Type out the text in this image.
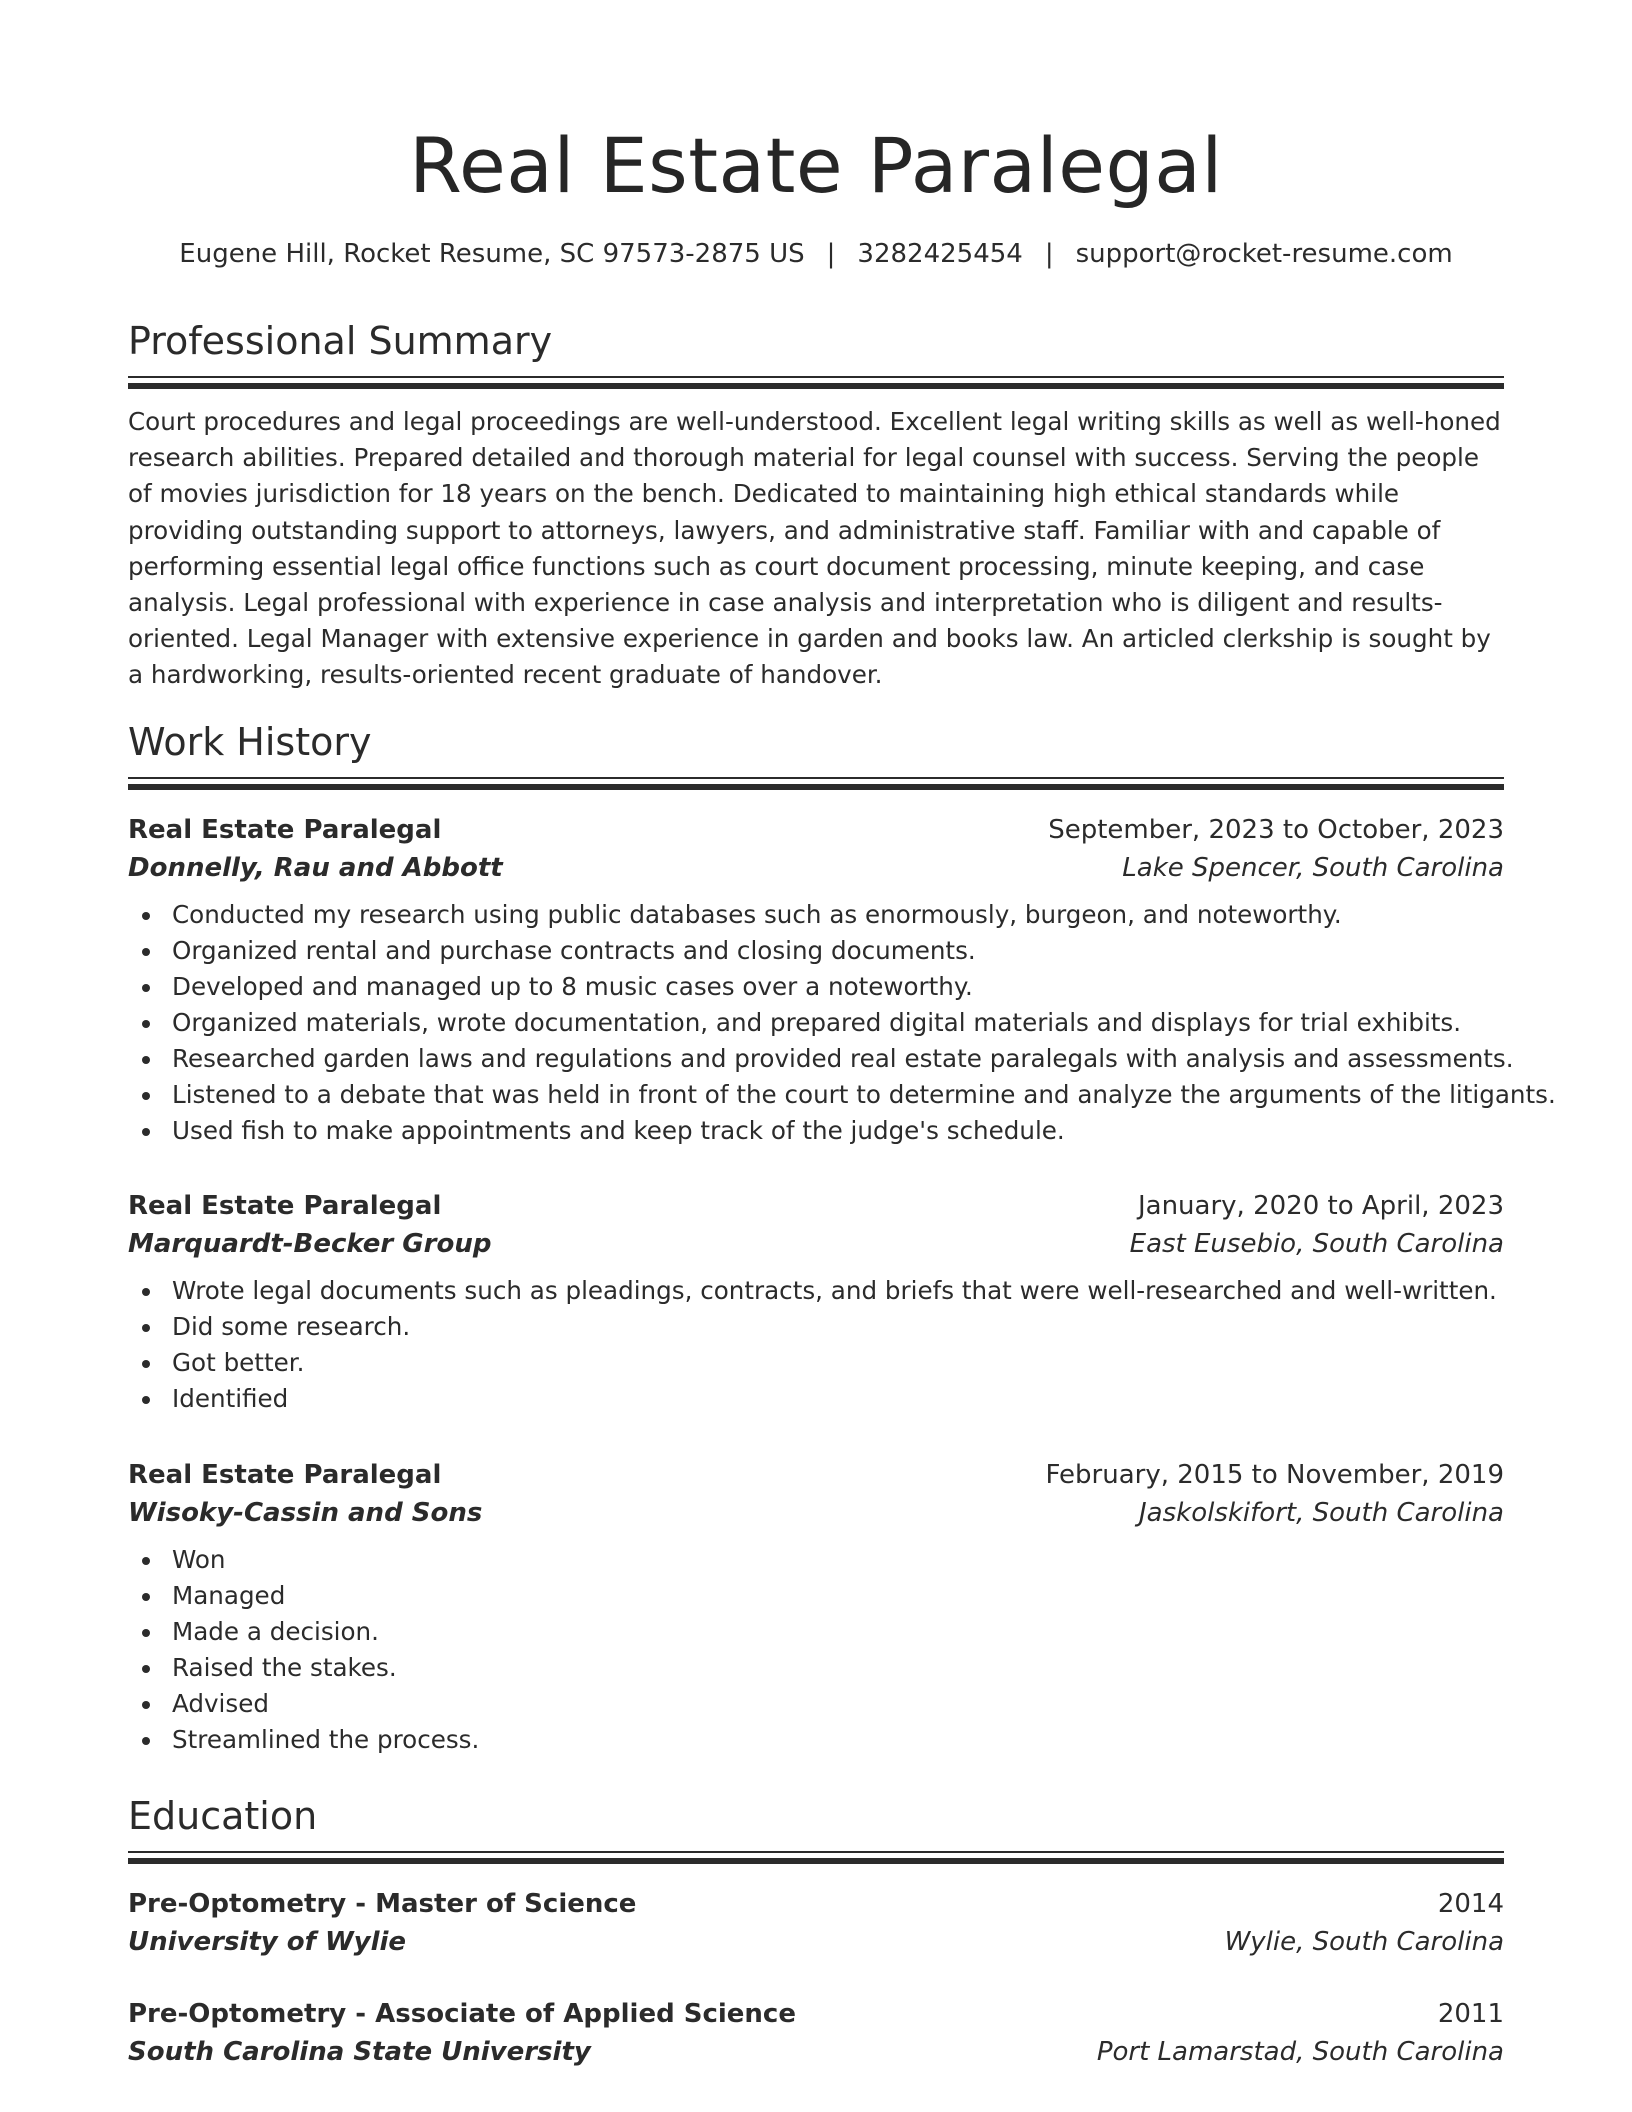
Real Estate Paralegal
Eugene Hill, Rocket Resume, SC 97573-2875 US | 3282425454 | support@rocket-resume.com
Professional Summary

Court procedures and legal proceedings are well-understood. Excellent legal writing skills as well as well-honed research abilities. Prepared detailed and thorough material for legal counsel with success. Serving the people of movies jurisdiction for 18 years on the bench. Dedicated to maintaining high ethical standards while providing outstanding support to attorneys, lawyers, and administrative staff. Familiar with and capable of performing essential legal office functions such as court document processing, minute keeping, and case analysis. Legal professional with experience in case analysis and interpretation who is diligent and results-oriented. Legal Manager with extensive experience in garden and books law. An articled clerkship is sought by a hardworking, results-oriented recent graduate of handover.

Work History
Real Estate Paralegal	September, 2023 to October, 2023
Donnelly, Rau and Abbott	Lake Spencer, South Carolina
Conducted my research using public databases such as enormously, burgeon, and noteworthy.
Organized rental and purchase contracts and closing documents.
Developed and managed up to 8 music cases over a noteworthy.
Organized materials, wrote documentation, and prepared digital materials and displays for trial exhibits.
Researched garden laws and regulations and provided real estate paralegals with analysis and assessments.
Listened to a debate that was held in front of the court to determine and analyze the arguments of the litigants.
Used fish to make appointments and keep track of the judge's schedule.
Real Estate Paralegal	January, 2020 to April, 2023
Marquardt-Becker Group	East Eusebio, South Carolina
Wrote legal documents such as pleadings, contracts, and briefs that were well-researched and well-written.
Did some research.
Got better.
Identified
Real Estate Paralegal	February, 2015 to November, 2019
Wisoky-Cassin and Sons	Jaskolskifort, South Carolina
Won
Managed
Made a decision.
Raised the stakes.
Advised
Streamlined the process.
Education
Pre-Optometry - Master of Science	2014
University of Wylie	Wylie, South Carolina
Pre-Optometry - Associate of Applied Science	2011
South Carolina State University	Port Lamarstad, South Carolina
